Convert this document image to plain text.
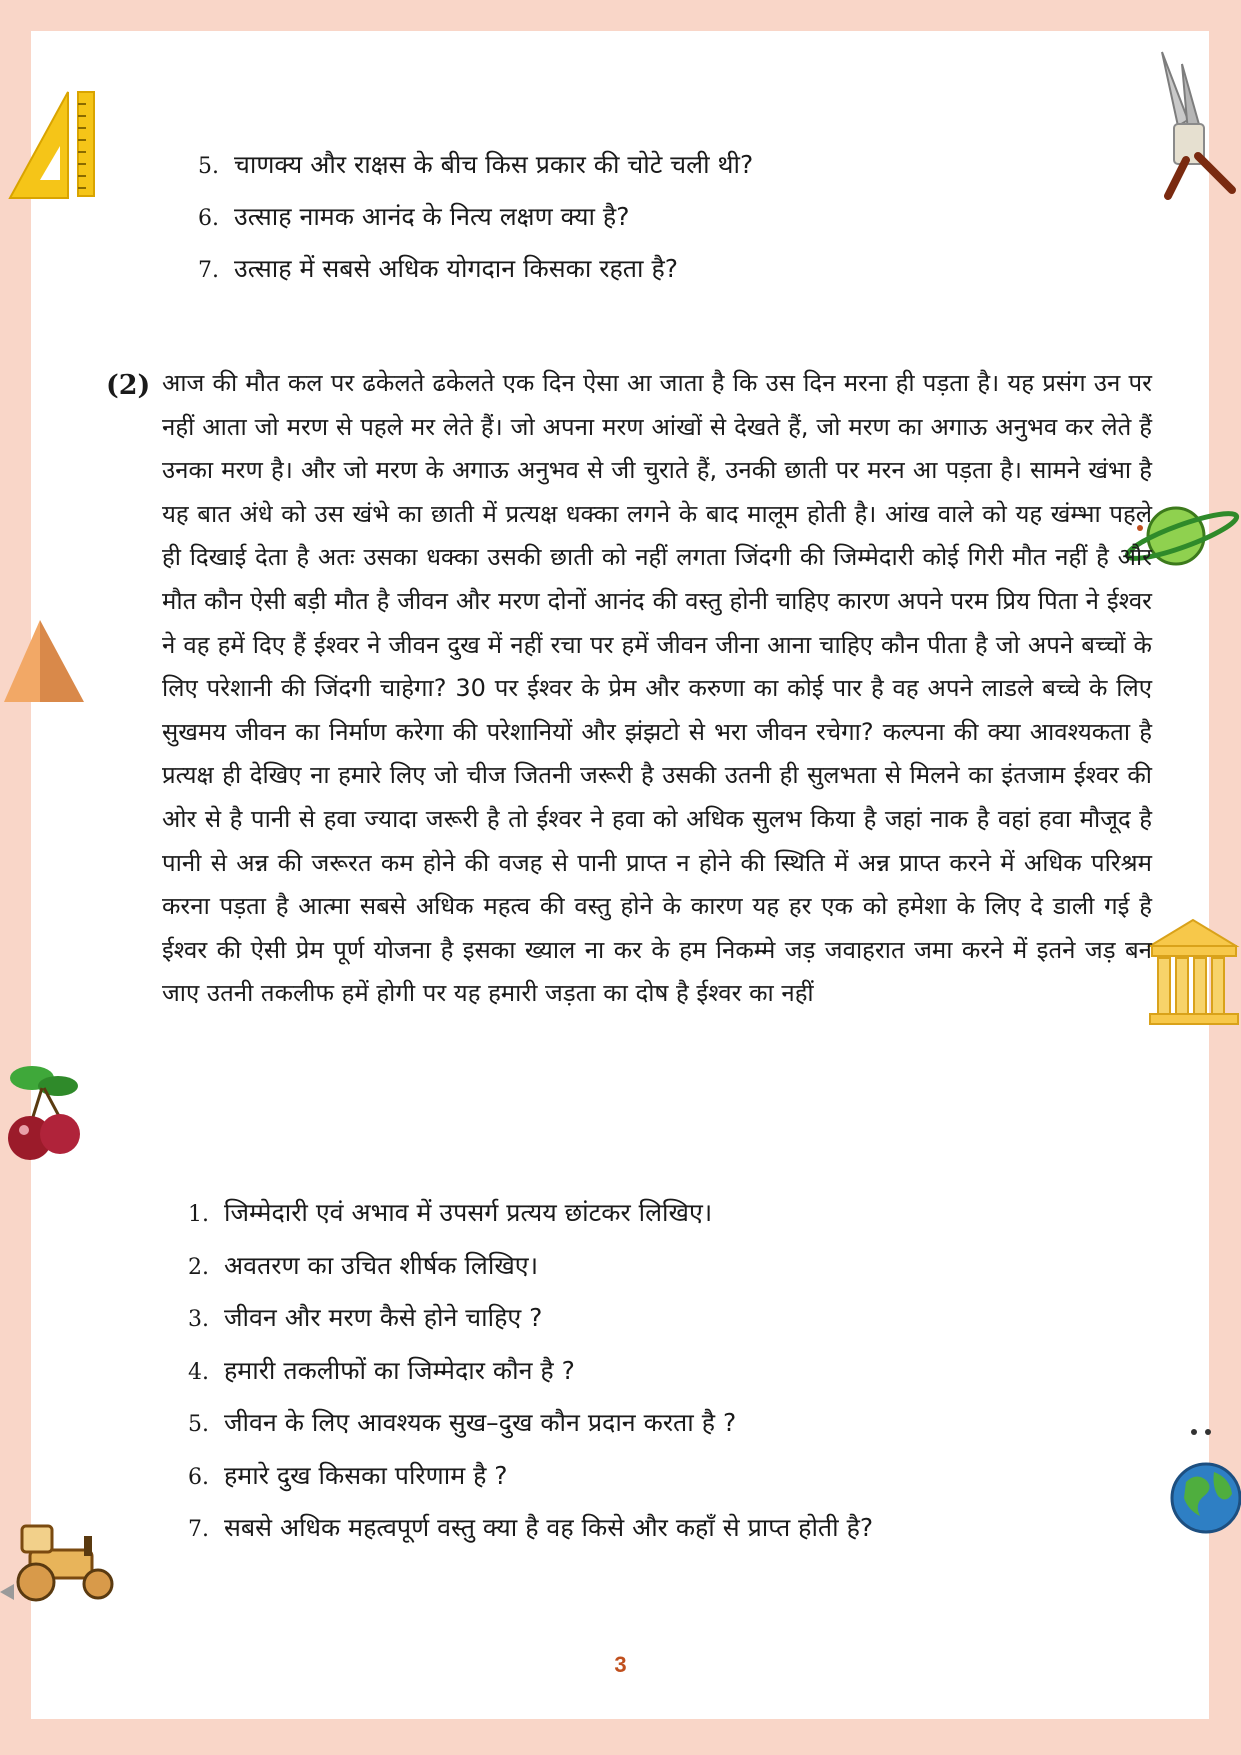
5. चाणक्य और राक्षस के बीच किस प्रकार की चोटे चली थी?
6. उत्साह नामक आनंद के नित्य लक्षण क्या है?
7. उत्साह में सबसे अधिक योगदान किसका रहता है?
(2) आज की मौत कल पर ढकेलते ढकेलते एक दिन ऐसा आ जाता है कि उस दिन मरना ही पड़ता है। यह प्रसंग उन पर नहीं आता जो मरण से पहले मर लेते हैं। जो अपना मरण आंखों से देखते हैं, जो मरण का अगाऊ अनुभव कर लेते हैं उनका मरण है। और जो मरण के अगाऊ अनुभव से जी चुराते हैं, उनकी छाती पर मरन आ पड़ता है। सामने खंभा है यह बात अंधे को उस खंभे का छाती में प्रत्यक्ष धक्का लगने के बाद मालूम होती है। आंख वाले को यह खंम्भा पहले ही दिखाई देता है अतः उसका धक्का उसकी छाती को नहीं लगता जिंदगी की जिम्मेदारी कोई गिरी मौत नहीं है और मौत कौन ऐसी बड़ी मौत है जीवन और मरण दोनों आनंद की वस्तु होनी चाहिए कारण अपने परम प्रिय पिता ने ईश्वर ने वह हमें दिए हैं ईश्वर ने जीवन दुख में नहीं रचा पर हमें जीवन जीना आना चाहिए कौन पीता है जो अपने बच्चों के लिए परेशानी की जिंदगी चाहेगा? 30 पर ईश्वर के प्रेम और करुणा का कोई पार है वह अपने लाडले बच्चे के लिए सुखमय जीवन का निर्माण करेगा की परेशानियों और झंझटो से भरा जीवन रचेगा? कल्पना की क्या आवश्यकता है प्रत्यक्ष ही देखिए ना हमारे लिए जो चीज जितनी जरूरी है उसकी उतनी ही सुलभता से मिलने का इंतजाम ईश्वर की ओर से है पानी से हवा ज्यादा जरूरी है तो ईश्वर ने हवा को अधिक सुलभ किया है जहां नाक है वहां हवा मौजूद है पानी से अन्न की जरूरत कम होने की वजह से पानी प्राप्त न होने की स्थिति में अन्न प्राप्त करने में अधिक परिश्रम करना पड़ता है आत्मा सबसे अधिक महत्व की वस्तु होने के कारण यह हर एक को हमेशा के लिए दे डाली गई है ईश्वर की ऐसी प्रेम पूर्ण योजना है इसका ख्याल ना कर के हम निकम्मे जड़ जवाहरात जमा करने में इतने जड़ बन जाए उतनी तकलीफ हमें होगी पर यह हमारी जड़ता का दोष है ईश्वर का नहीं

1. जिम्मेदारी एवं अभाव में उपसर्ग प्रत्यय छांटकर लिखिए।
2. अवतरण का उचित शीर्षक लिखिए।
3. जीवन और मरण कैसे होने चाहिए ?
4. हमारी तकलीफों का जिम्मेदार कौन है ?
5. जीवन के लिए आवश्यक सुख–दुख कौन प्रदान करता है ?
6. हमारे दुख किसका परिणाम है ?
7. सबसे अधिक महत्वपूर्ण वस्तु क्या है वह किसे और कहाँ से प्राप्त होती है?
3
